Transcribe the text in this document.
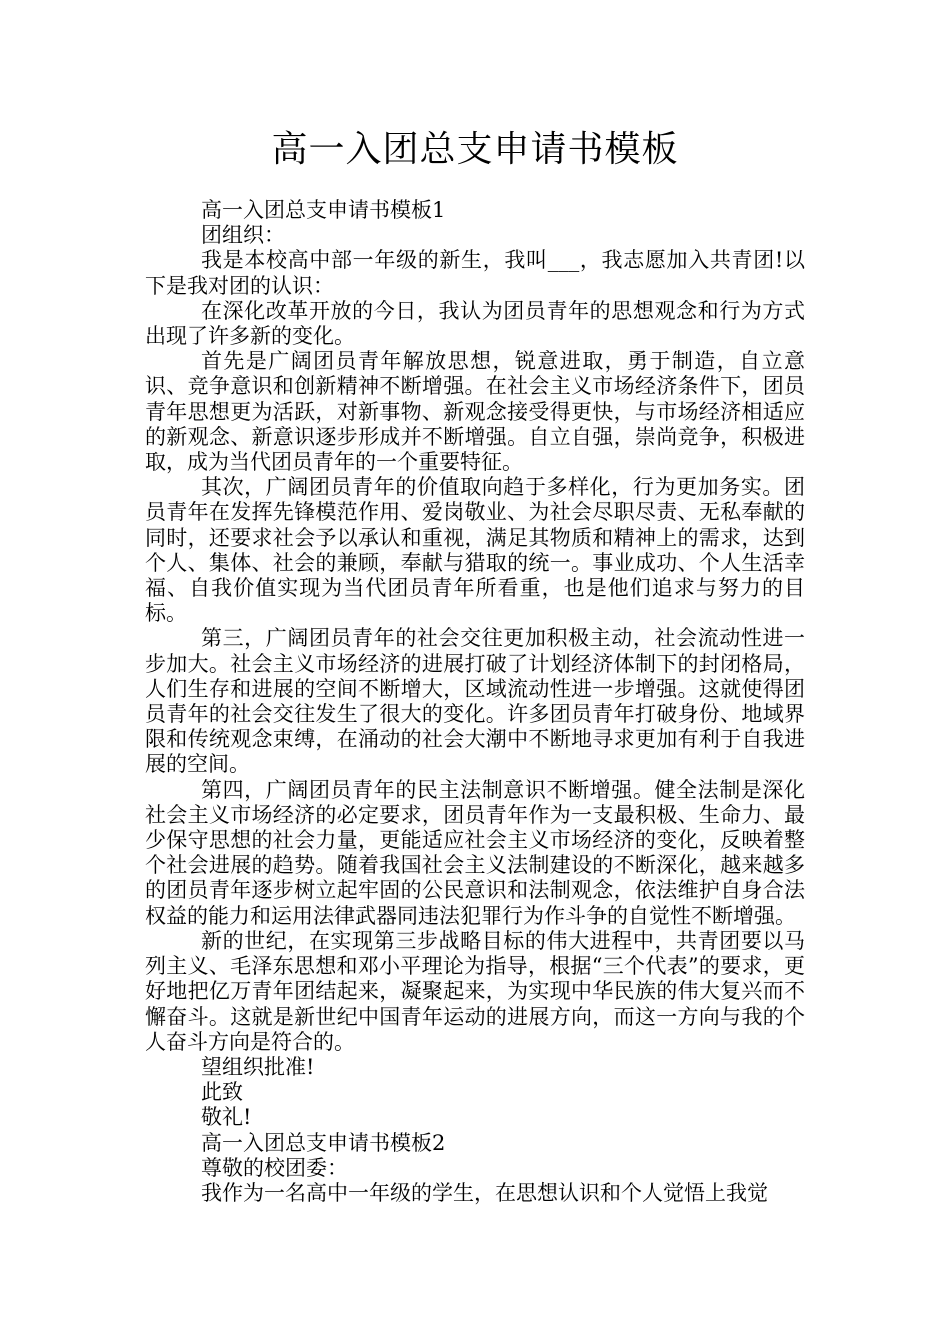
高一入团总支申请书模板

高一入团总支申请书模板1

团组织：

我是本校高中部一年级的新生，我叫___，我志愿加入共青团!以下是我对团的认识：

在深化改革开放的今日，我认为团员青年的思想观念和行为方式出现了许多新的变化。

首先是广阔团员青年解放思想，锐意进取，勇于制造，自立意识、竞争意识和创新精神不断增强。在社会主义市场经济条件下，团员青年思想更为活跃，对新事物、新观念接受得更快，与市场经济相适应的新观念、新意识逐步形成并不断增强。自立自强，崇尚竞争，积极进取，成为当代团员青年的一个重要特征。

其次，广阔团员青年的价值取向趋于多样化，行为更加务实。团员青年在发挥先锋模范作用、爱岗敬业、为社会尽职尽责、无私奉献的同时，还要求社会予以承认和重视，满足其物质和精神上的需求，达到个人、集体、社会的兼顾，奉献与猎取的统一。事业成功、个人生活幸福、自我价值实现为当代团员青年所看重，也是他们追求与努力的目标。

第三，广阔团员青年的社会交往更加积极主动，社会流动性进一步加大。社会主义市场经济的进展打破了计划经济体制下的封闭格局，人们生存和进展的空间不断增大，区域流动性进一步增强。这就使得团员青年的社会交往发生了很大的变化。许多团员青年打破身份、地域界限和传统观念束缚，在涌动的社会大潮中不断地寻求更加有利于自我进展的空间。

第四，广阔团员青年的民主法制意识不断增强。健全法制是深化社会主义市场经济的必定要求，团员青年作为一支最积极、生命力、最少保守思想的社会力量，更能适应社会主义市场经济的变化，反映着整个社会进展的趋势。随着我国社会主义法制建设的不断深化，越来越多的团员青年逐步树立起牢固的公民意识和法制观念，依法维护自身合法权益的能力和运用法律武器同违法犯罪行为作斗争的自觉性不断增强。

新的世纪，在实现第三步战略目标的伟大进程中，共青团要以马列主义、毛泽东思想和邓小平理论为指导，根据“三个代表”的要求，更好地把亿万青年团结起来，凝聚起来，为实现中华民族的伟大复兴而不懈奋斗。这就是新世纪中国青年运动的进展方向，而这一方向与我的个人奋斗方向是符合的。

望组织批准!

此致

敬礼!

高一入团总支申请书模板2

尊敬的校团委：

我作为一名高中一年级的学生，在思想认识和个人觉悟上我觉
